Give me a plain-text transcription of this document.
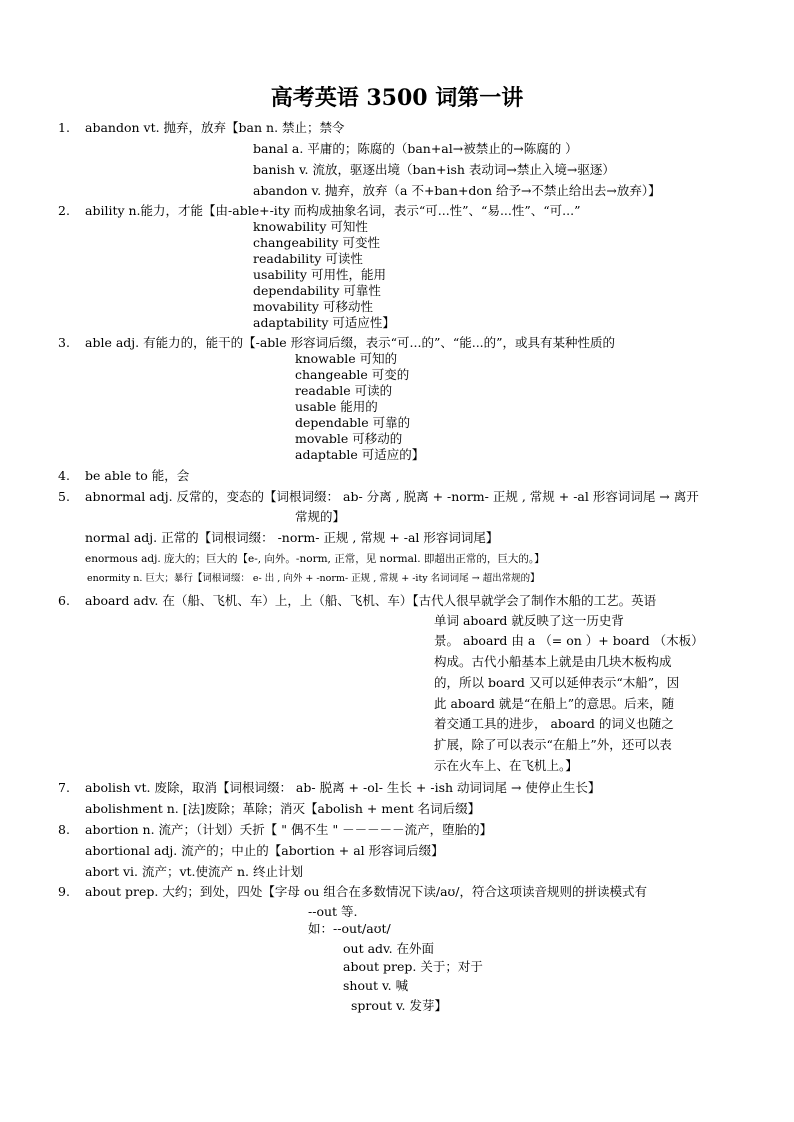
高考英语 3500 词第一讲
1. abandon vt. 抛弃，放弃【ban n. 禁止；禁令
banal a. 平庸的；陈腐的（ban+al→被禁止的→陈腐的 ）
banish v. 流放，驱逐出境（ban+ish 表动词→禁止入境→驱逐）
abandon v. 抛弃，放弃（a 不+ban+don 给予→不禁止给出去→放弃）】
2. ability n.能力，才能【由-able+-ity 而构成抽象名词，表示“可...性”、“易...性”、“可...”
knowability 可知性
changeability 可变性
readability 可读性
usability 可用性，能用
dependability 可靠性
movability 可移动性
adaptability 可适应性】
3. able adj. 有能力的，能干的【-able 形容词后缀，表示“可...的”、“能...的”，或具有某种性质的
knowable 可知的
changeable 可变的
readable 可读的
usable 能用的
dependable 可靠的
movable 可移动的
adaptable 可适应的】
4. be able to 能，会
5. abnormal adj. 反常的，变态的【词根词缀： ab- 分离 , 脱离 + -norm- 正规 , 常规 + -al 形容词词尾 → 离开
常规的】
normal adj. 正常的【词根词缀： -norm- 正规 , 常规 + -al 形容词词尾】
enormous adj. 庞大的；巨大的【e-, 向外。-norm, 正常，见 normal. 即超出正常的，巨大的。】
enormity n. 巨大；暴行【词根词缀： e- 出 , 向外 + -norm- 正规 , 常规 + -ity 名词词尾 → 超出常规的】
6. aboard adv. 在（船、飞机、车）上，上（船、飞机、车）【古代人很早就学会了制作木船的工艺。英语
单词 aboard 就反映了这一历史背
景。 aboard 由 a （= on ）+ board （木板）
构成。古代小船基本上就是由几块木板构成
的，所以 board 又可以延伸表示“木船”，因
此 aboard 就是“在船上”的意思。后来，随
着交通工具的进步， aboard 的词义也随之
扩展，除了可以表示“在船上”外，还可以表
示在火车上、在飞机上。】
7. abolish vt. 废除，取消【词根词缀： ab- 脱离 + -ol- 生长 + -ish 动词词尾 → 使停止生长】
abolishment n. [法]废除；革除；消灭【abolish + ment 名词后缀】
8. abortion n. 流产；（计划）夭折【 " 偶不生 " －－－－－流产，堕胎的】
abortional adj. 流产的；中止的【abortion + al 形容词后缀】
abort vi. 流产；vt.使流产 n. 终止计划
9. about prep. 大约；到处，四处【字母 ou 组合在多数情况下读/aʊ/，符合这项读音规则的拼读模式有
--out 等.
如：--out/aʊt/
out adv. 在外面
about prep. 关于；对于
shout v. 喊
sprout v. 发芽】
